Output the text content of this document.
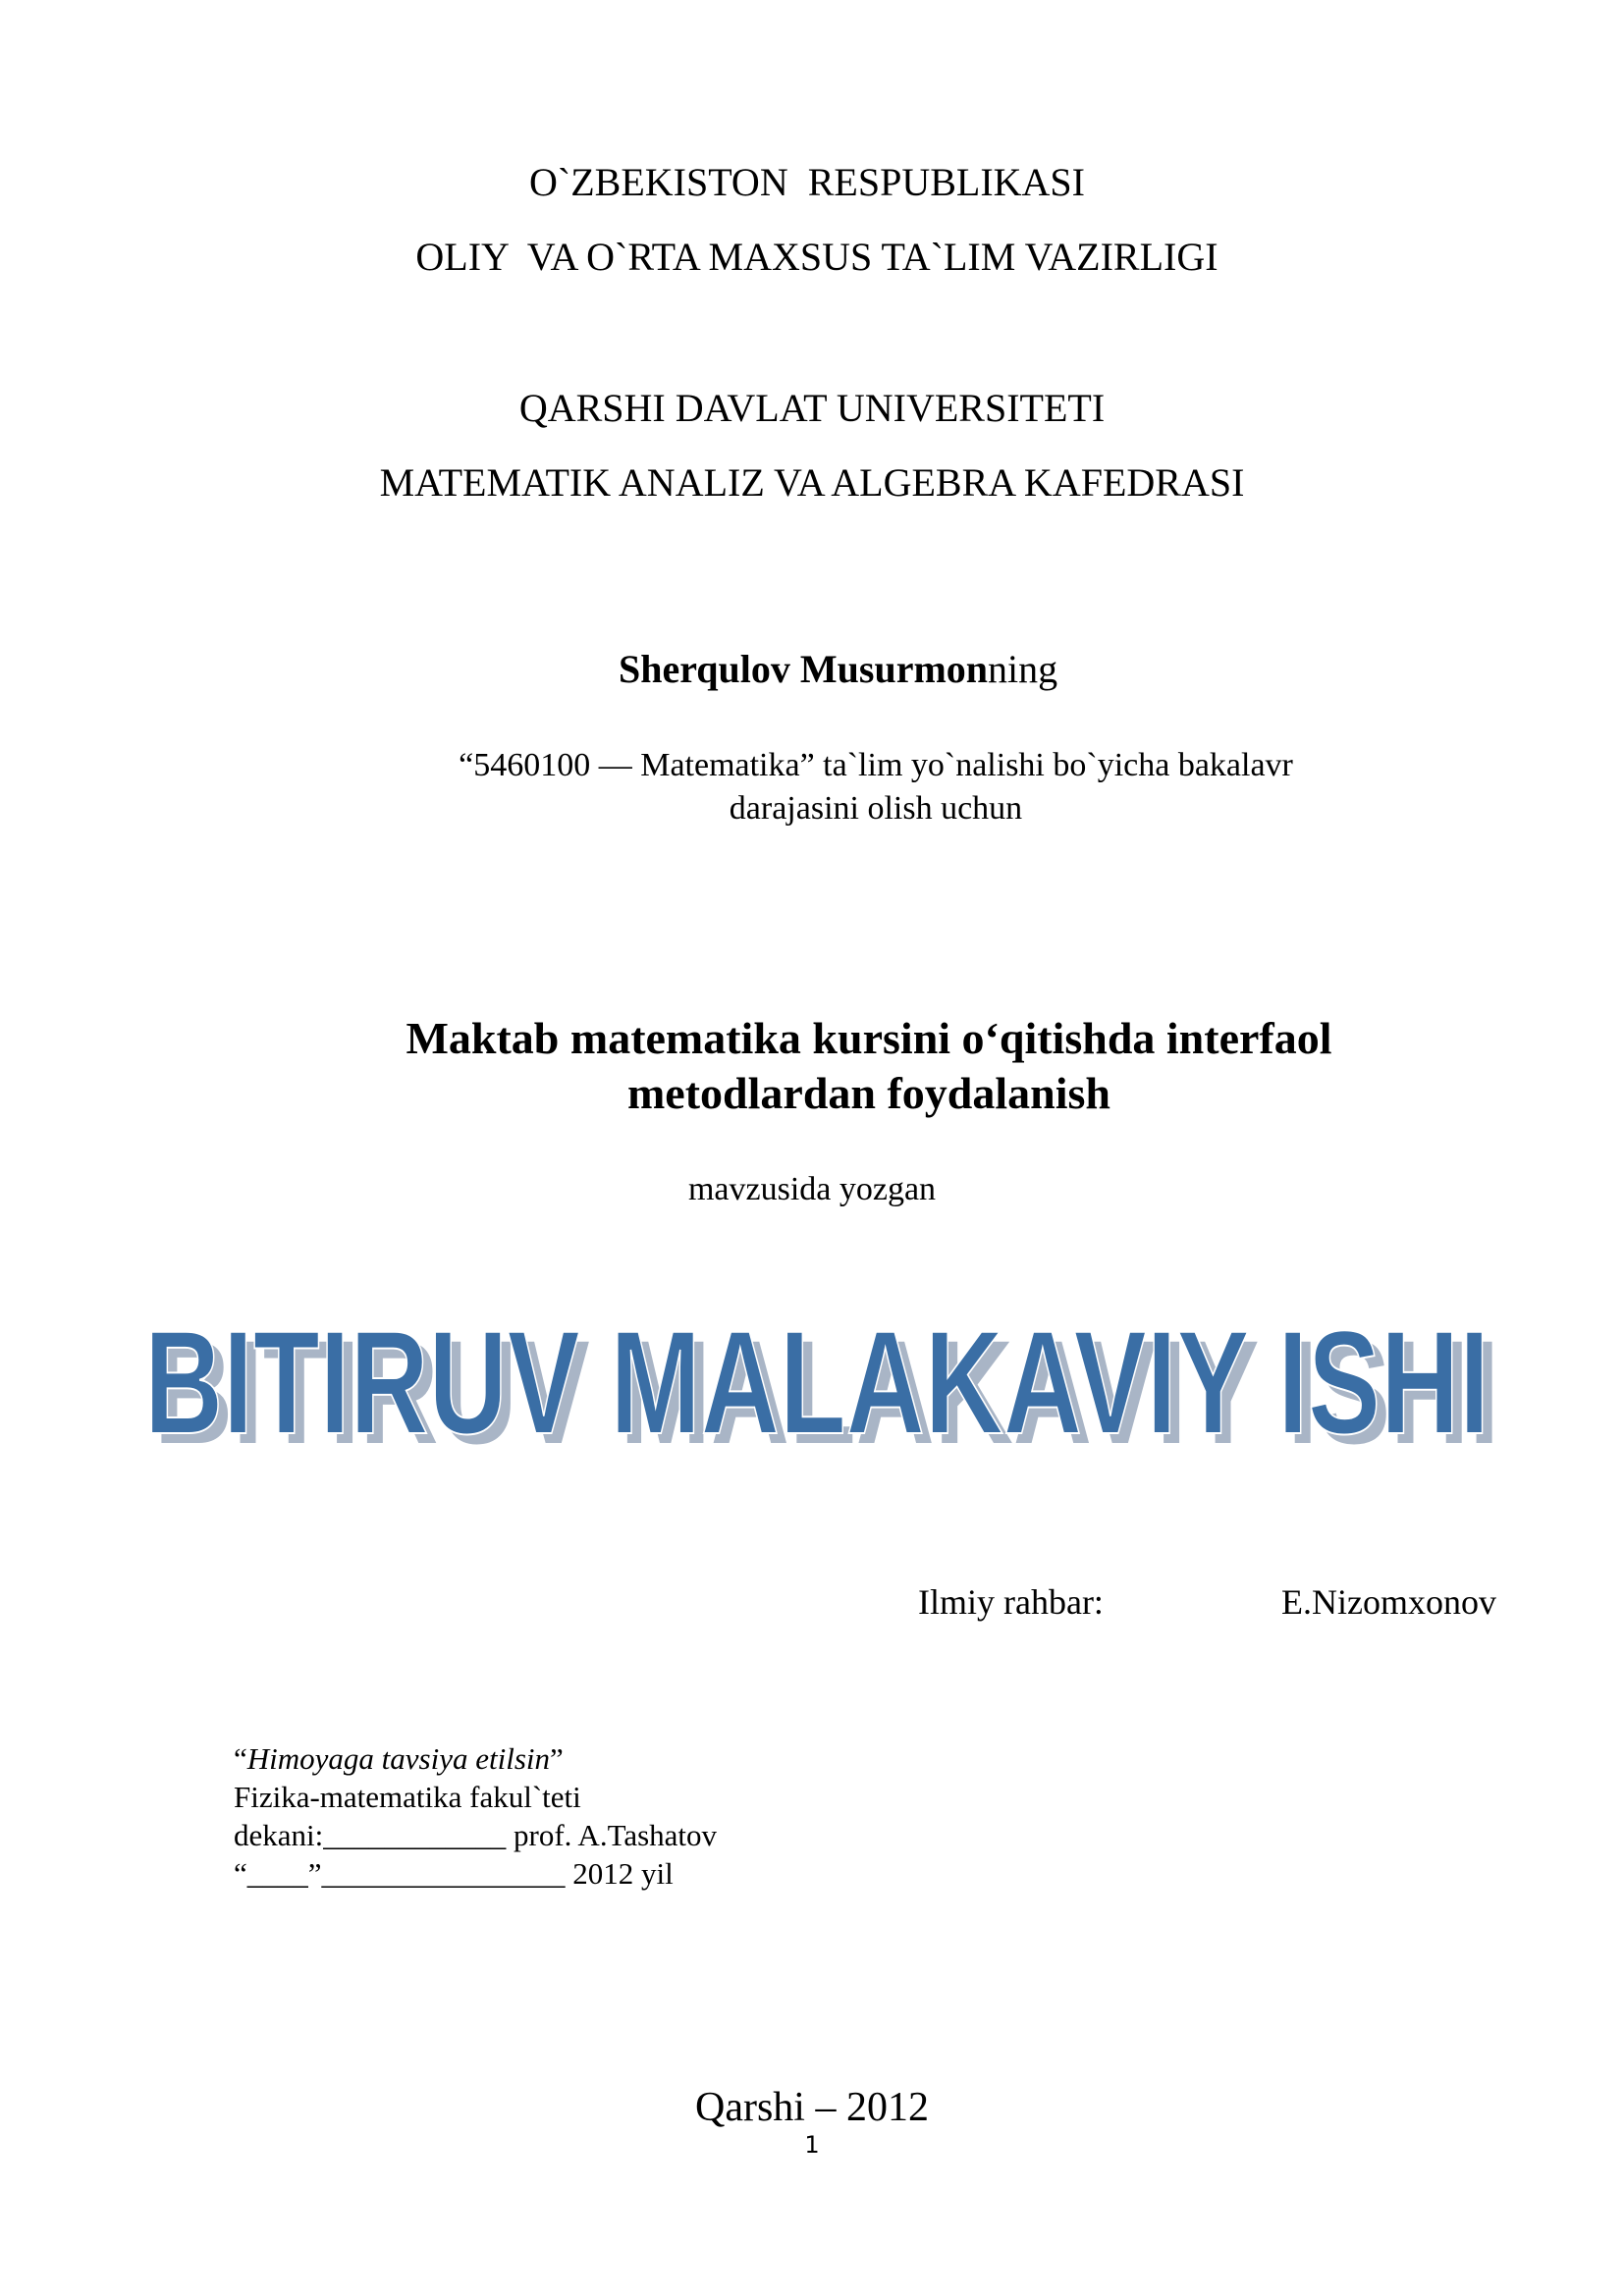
O`ZBEKISTON  RESPUBLIKASI
OLIY  VA O`RTA MAXSUS TA`LIM VAZIRLIGI
QARSHI DAVLAT UNIVERSITETI
MATEMATIK ANALIZ VA ALGEBRA KAFEDRASI
Sherqulov Musurmonning
“5460100 — Matematika” ta`lim yo`nalishi bo`yicha bakalavr
darajasini olish uchun
Maktab matematika kursini o‘qitishda interfaol
metodlardan foydalanish
mavzusida yozgan
BITIRUV MALAKAVIY ISHI
BITIRUV MALAKAVIY ISHI
Ilmiy rahbar:	E.Nizomxonov
“Himoyaga tavsiya etilsin”
Fizika-matematika fakul`teti
dekani:____________ prof. A.Tashatov
“____”________________ 2012 yil
Qarshi – 2012
1
